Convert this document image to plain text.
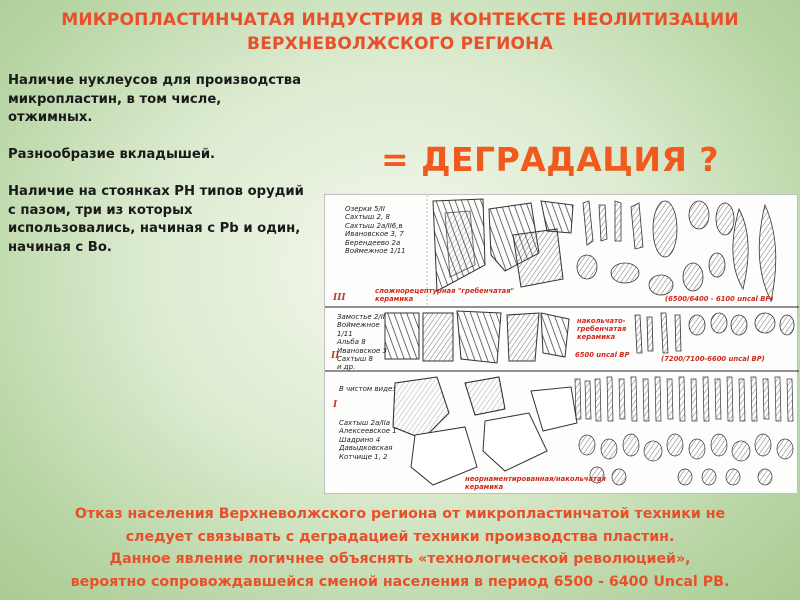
МИКРОПЛАСТИНЧАТАЯ ИНДУСТРИЯ В КОНТЕКСТЕ НЕОЛИТИЗАЦИИ
ВЕРХНЕВОЛЖСКОГО РЕГИОНА

Наличие нуклеусов для производства микропластин, в том числе, отжимных.

Разнообразие вкладышей.

Наличие на стоянках РН типов орудий с пазом, три из которых использовались, начиная с Pb и один, начиная с Bo.

= ДЕГРАДАЦИЯ ?
Озерки 5/II
Сахтыш 2, 8
Сахтыш 2а/II6,в
Ивановское 3, 7
Берендеево 2а
Воймежное 1/11
III
сложнорецептурная "гребенчатая"
керамика	(6500/6400 - 6100 uncal BP)
Замостье 2/II
Воймежное 1/11
Альба 8
Ивановское 3
Сахтыш 8
и др.
II
накольчато-
гребенчатая
керамика
6500 uncal BP	(7200/7100-6600 uncal BP)
В чистом виде:
Сахтыш 2а/IIа
Алексеевское 1
Шадрино 4
Давыдковская
Котчище 1, 2
I
неорнаментированная/накольчатая
керамика
Отказ населения Верхневолжского региона от микропластинчатой техники не
следует связывать с деградацией техники производства пластин.
Данное явление логичнее объяснять «технологической революцией»,
вероятно сопровождавшейся сменой населения в период 6500 - 6400 Uncal PB.
